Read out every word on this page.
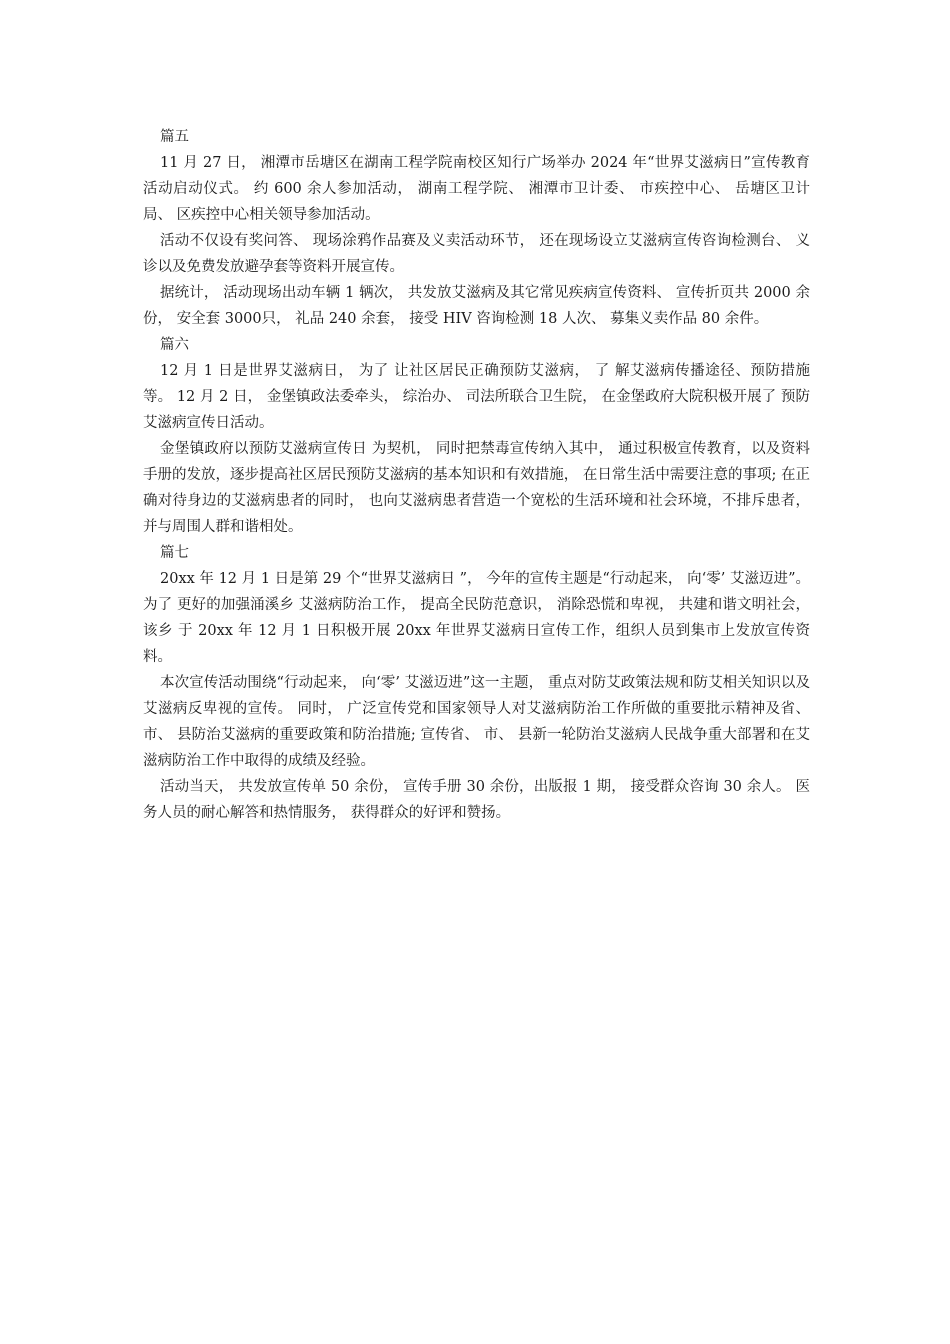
篇五

11 月 27 日， 湘潭市岳塘区在湖南工程学院南校区知行广场举办 2024 年“世界艾滋病日”宣传教育活动启动仪式。 约 600 余人参加活动， 湖南工程学院、 湘潭市卫计委、 市疾控中心、 岳塘区卫计局、 区疾控中心相关领导参加活动。

活动不仅设有奖问答、 现场涂鸦作品赛及义卖活动环节， 还在现场设立艾滋病宣传咨询检测台、 义诊以及免费发放避孕套等资料开展宣传。

据统计， 活动现场出动车辆 1 辆次， 共发放艾滋病及其它常见疾病宣传资料、 宣传折页共 2000 余份， 安全套 3000只， 礼品 240 余套， 接受 HIV 咨询检测 18 人次、 募集义卖作品 80 余件。

篇六

12 月 1 日是世界艾滋病日， 为了 让社区居民正确预防艾滋病， 了 解艾滋病传播途径、预防措施等。 12 月 2 日， 金堡镇政法委牵头， 综治办、 司法所联合卫生院， 在金堡政府大院积极开展了 预防艾滋病宣传日活动。

金堡镇政府以预防艾滋病宣传日 为契机， 同时把禁毒宣传纳入其中， 通过积极宣传教育，以及资料手册的发放，逐步提高社区居民预防艾滋病的基本知识和有效措施， 在日常生活中需要注意的事项; 在正确对待身边的艾滋病患者的同时， 也向艾滋病患者营造一个宽松的生活环境和社会环境，不排斥患者， 并与周围人群和谐相处。

篇七

20xx 年 12 月 1 日是第 29 个“世界艾滋病日 ”， 今年的宣传主题是“行动起来， 向‘零’ 艾滋迈进”。 为了 更好的加强涌溪乡 艾滋病防治工作， 提高全民防范意识， 消除恐慌和卑视， 共建和谐文明社会， 该乡 于 20xx 年 12 月 1 日积极开展 20xx 年世界艾滋病日宣传工作，组织人员到集市上发放宣传资料。

本次宣传活动围绕“行动起来， 向‘零’ 艾滋迈进”这一主题， 重点对防艾政策法规和防艾相关知识以及艾滋病反卑视的宣传。 同时， 广泛宣传党和国家领导人对艾滋病防治工作所做的重要批示精神及省、 市、 县防治艾滋病的重要政策和防治措施; 宣传省、 市、 县新一轮防治艾滋病人民战争重大部署和在艾滋病防治工作中取得的成绩及经验。

活动当天， 共发放宣传单 50 余份， 宣传手册 30 余份，出版报 1 期， 接受群众咨询 30 余人。 医务人员的耐心解答和热情服务， 获得群众的好评和赞扬。
